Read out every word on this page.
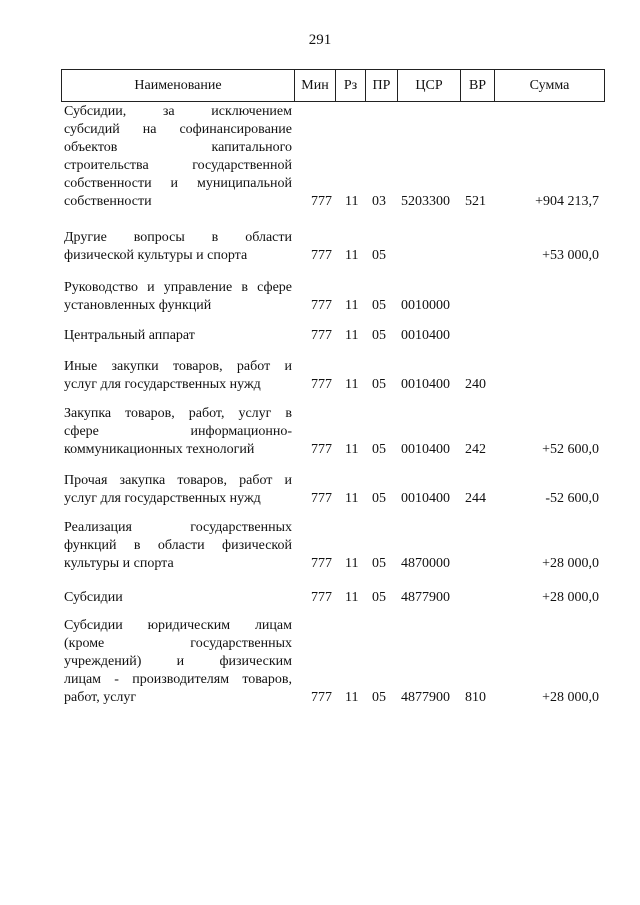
291
Наименование	Мин	Рз	ПР	ЦСР	ВР	Сумма
Субсидии, за исключением
субсидий на софинансирование
объектов капитального
строительства государственной
собственности и муниципальной
собственности	777 11 03 5203300 521	+904 213,7
Другие вопросы в области
физической культуры и спорта	777 11 05	+53 000,0
Руководство и управление в сфере
установленных функций	777 11 05 0010000
Центральный аппарат	777 11 05 0010400
Иные закупки товаров, работ и
услуг для государственных нужд	777 11 05 0010400 240
Закупка товаров, работ, услуг в
сфере информационно-
коммуникационных технологий	777 11 05 0010400 242	+52 600,0
Прочая закупка товаров, работ и
услуг для государственных нужд	777 11 05 0010400 244	-52 600,0
Реализация государственных
функций в области физической
культуры и спорта	777 11 05 4870000	+28 000,0
Субсидии	777 11 05 4877900	+28 000,0
Субсидии юридическим лицам
(кроме государственных
учреждений) и физическим
лицам - производителям товаров,
работ, услуг	777 11 05 4877900 810	+28 000,0
